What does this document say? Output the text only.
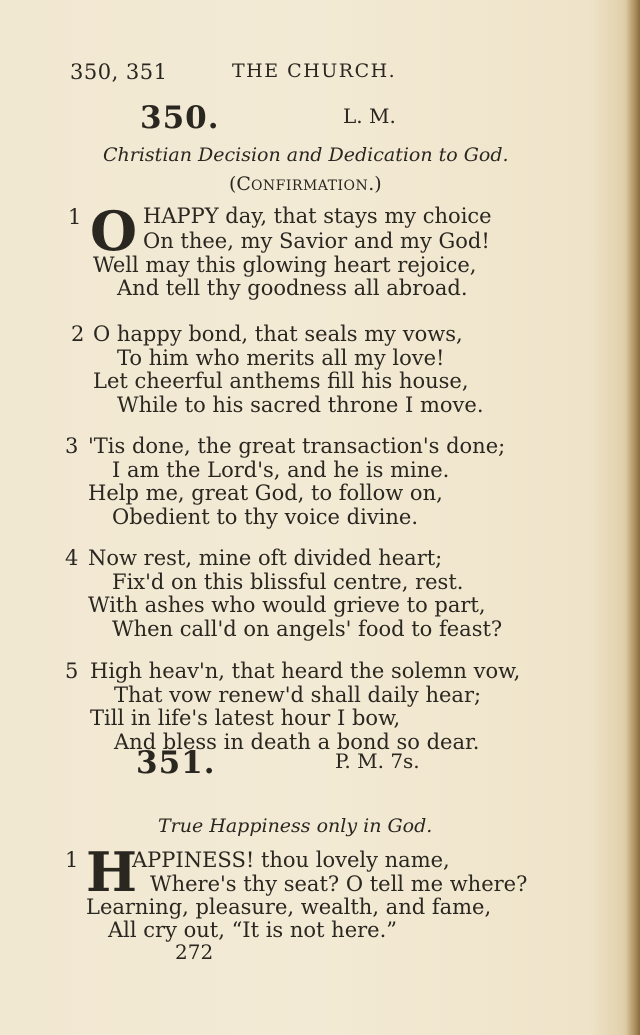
350, 351	THE CHURCH.
350.	L. M.
Christian Decision and Dedication to God.
(CONFIRMATION.)
1 O HAPPY day, that stays my choice
On thee, my Savior and my God!
Well may this glowing heart rejoice,
And tell thy goodness all abroad.
2 O happy bond, that seals my vows,
To him who merits all my love!
Let cheerful anthems fill his house,
While to his sacred throne I move.
3 'Tis done, the great transaction's done;
I am the Lord's, and he is mine.
Help me, great God, to follow on,
Obedient to thy voice divine.
4 Now rest, mine oft divided heart;
Fix'd on this blissful centre, rest.
With ashes who would grieve to part,
When call'd on angels' food to feast?
5 High heav'n, that heard the solemn vow,
That vow renew'd shall daily hear;
Till in life's latest hour I bow,
And bless in death a bond so dear.
351.	P. M. 7s.
True Happiness only in God.
1 H
APPINESS! thou lovely name,
Where's thy seat? O tell me where?
Learning, pleasure, wealth, and fame,
All cry out, “It is not here.”
272
